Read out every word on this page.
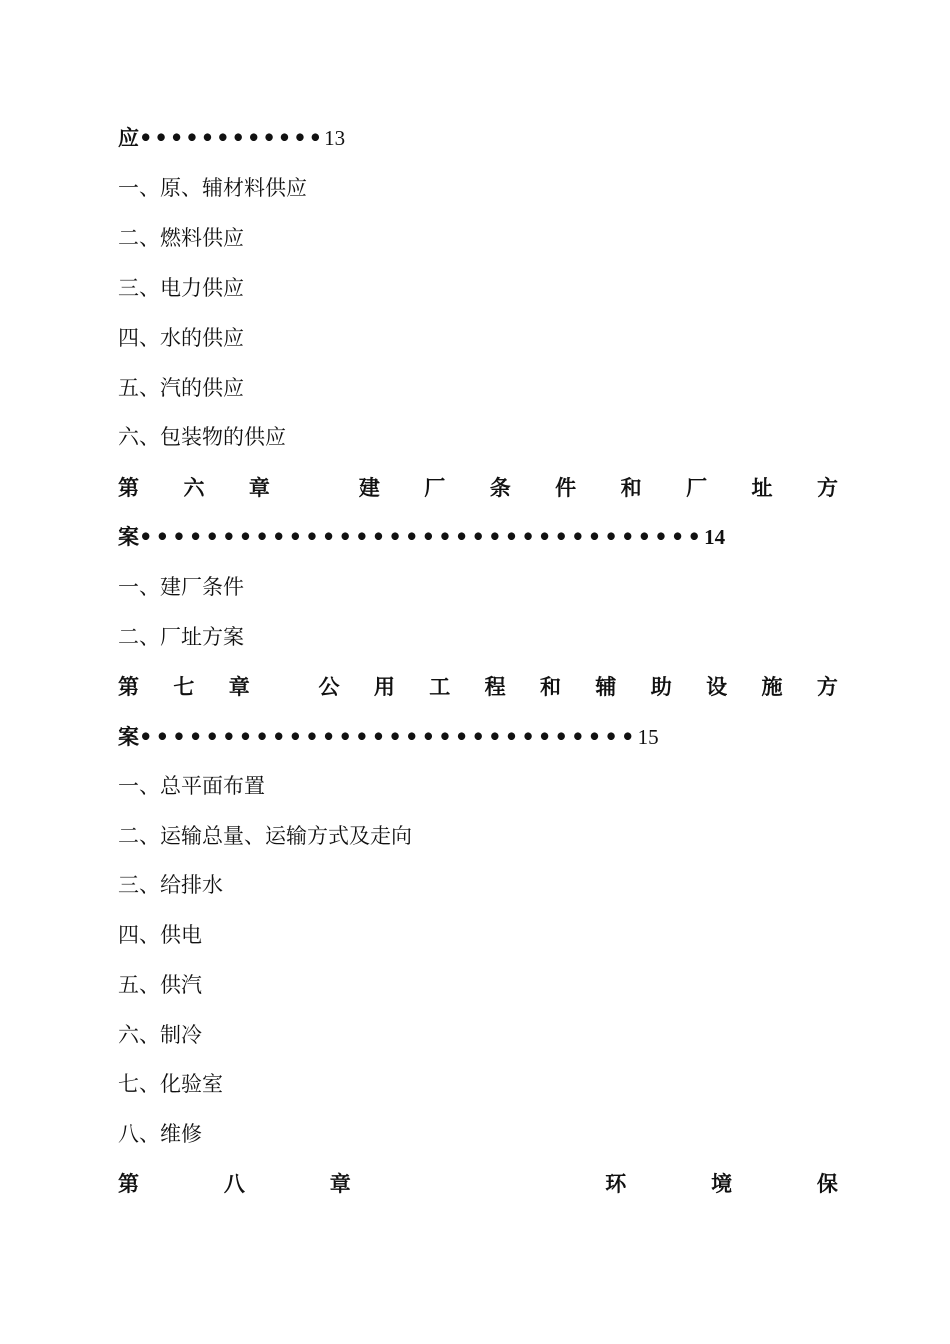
应 •••••••••••• 13
一、原、辅材料供应
二、燃料供应
三、电力供应
四、水的供应
五、汽的供应
六、包装物的供应
第 六 章	建 厂 条 件 和 厂 址 方
案 •••••••••••••••••••••••••••••••••• 14
一、建厂条件
二、厂址方案
第 七 章	公 用 工 程 和 辅 助 设 施 方
案 •••••••••••••••••••••••••••••• 15
一、总平面布置
二、运输总量、运输方式及走向
三、给排水
四、供电
五、供汽
六、制冷
七、化验室
八、维修
第	八	章	环	境	保
